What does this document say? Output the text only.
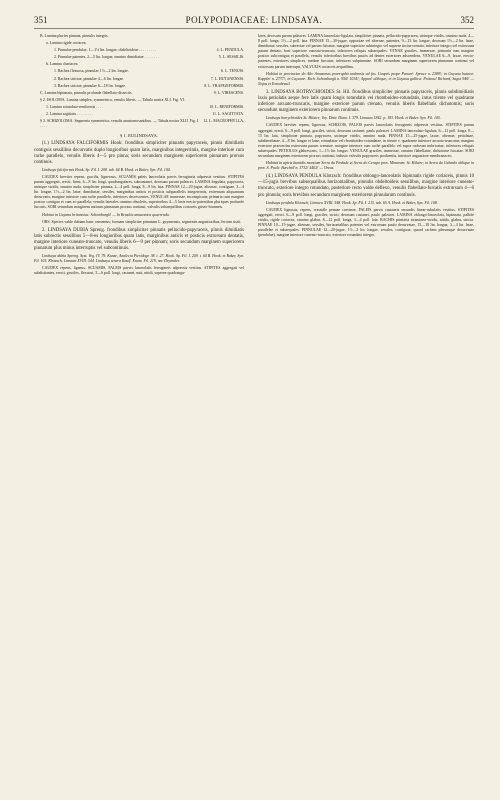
351	POLYPODIACEAE: LINDSAYA.	352

B. Lamina pluries pinnata, pinnulis integris.

a. Lamina rigide coriacea.

1. Pinnulae pendulae, 1—1½ lin. longae, obdeltoideae . . . . . . . . .	4. L. PENDULA.

2. Pinnulae patentes, 2—5 lin. longae, omnino dimidiatae . . . . . . . .	5. L. SESSILIS.

b. Lamina chartacea.

1. Rachea flexuosa, pinnulae 1½—2 lin. longae.	6. L. TENUIS.

2. Rachea strictae, pinnulae 4—6 lin. longae.	7. L. HUTANENSIS.

3. Rachea strictae, pinnulae 6—18 lin. longae.	8. L. TRAPEZIFORMIS.

C. Lamina bipinnata, pinnulis profunde flabellato-dissectis.	9. L. VIRESCENS.

§ 2. ISOLOMA. Lamina simplex, symmetrica, venulis liberis. — Tabula nostra XLI. Fig. VI.

1. Lamina rotundato-reniformis . . . .	10. L. RENIFORMIS.

2. Lamina sagittata . . . . . . . . .	11. L. SAGITTATA.

§ 3. SCHIZOLOMA. Segmenta symmetrica, venulis anastomosantibus. — Tabula nostra XLII. Fig. I. . . . .
12. L. MACROPHYLLA.

§ 1. EULINDSAYA.

(1.) LINDSAYA FALCIFORMIS Hook: frondibus simpliciter pinnatis papyraceis, pinnis dimidiatis contiguis sessilibus decurvatis duplo longioribus quam latis, marginibus integerrimis, margine interiore cum rache parallelo, venulis liberis 4—5 pro pinna; soris secundum marginem superiorem pinnarum prorsus continuis.

Lindsaya falciformis Hook. Sp. Fil. I. 208. tab. 64 B. Hook. et Baker, Syn. Fil. 104.

CAUDEX breviter repens, gracilis, ligneosus, SCUAMIS paleis lanceolatis parvis ferrugineis adpressis vestitus. STIPITES parum aggregati, erecti, firmi, 6—8 lin. longi, quadrangulares, subcastanei, deorsum parum paleacei. LAMINA lingulata, papyracea, utrinque viridis, omnino nuda, simpliciter pinnata, 2—4 poll. longa, 8—9 lin. lata. PINNAE 12—20-jugae, alternae, contiguae, 3—4 lin. longae, 1½—2 lin. latae, dimidiatae, sessiles, marginibus anticis et posticis subparallelis integerrimis, extremum aliquantum decurvatis, margine interiore cum rache parallelo, inferiores decrescentes. VENULAE immersae, inconspicuae, primaria cum margine postico contigua et cum eo parallela; venulis laterales omnino obsoletis, superioribus 4—5 laxis erecto-patentibus pluriques profunde furcatis. SORI secundum marginem anticum pinnarum prorsus continui, valvulis subaequilibus coriaceis griseo-brunneis.

Habitat in Guyana britannica: Schomburgk! — In Brasilia amazonica quaerenda.

OBS. Species valde dubiam hanc censemus; formam simpliciter pinnatam L. guyanensis, segmentis angustioribus, ferrum sistit.

2. LINDSAYA DUBIA Spreng. frondibus simpliciter pinnatis pellucido-papyraceis, pinnis dimidiatis latis subrectis sessilibus 5—8-es longioribus quam latis, marginibus anticis et posticis extrorsum dentatis, margine interiore cuneato-truncato, venulis liberis 6—9 per pinnam; soris secundum marginem superiorem pinnarum plus minus interruptis vel subcontinuis.

Lindsaya dubia Spreng. Syst. Veg. IV. 79. Kunze, Analecta Pteridogr. 38. t. 27. Hook. Sp. Fil. I. 209. t. 64 B. Hook. et Baker, Syn. Fil. 105. Klotzsch, Linnaea XVIII. 544. Lindsaya tenera Kaulf. Enum. Fil. 219, nec Dryander.

CAUDEX repens, ligneus, SCUAMIS, PALEIS parvis lanceolatis ferrugineis adpressis vestitus. STIPITES aggregati vel subdistiantes, erecti, graciles, flexuosi, 3—6 poll. longi, castanei, nuti, nitidi, superne quadrangu-

lares, deorsum parum paleacei. LAMINA lanceolato-ligulata, simpliciter pinnata, pellucido-papyracea, utrinque viridis, omnino nuda, 4—8 poll. longa, 1½—2 poll. lata. PINNAE 15—30-jugae, oppositae vel alternae, patentes, 9—15 lin. longae, deorsum 1½—2 lin. latae, dimidiatae, sessiles, subrectae vel parum falcatae, margine superiore subintegro vel superne incise-crenato, inferiore integro vel extrorsum parum dentato, basi superiore cuneato-truncata, inferiores reliquis subaequales. VENAE graciles, immersae, primaria cum margine postico subcontigua et parallela, venulis inferioribus brevibus paucis ad dentes exteriores adscendens. VENULAE 6—9, laxae, erecto-patentes, exteriores simplices, medine furcatae, inferiores subpinnatae. SORI secundum marginem superiorem pinnarum continui vel extrorsum parum interrupti, VALVULIS coriaceis aequalibus.

Habitat in provinciae do Alto Amazonas praerupbit umbrosis ad fos. Uaupés prope Panuré: Spruce n. 2389!; in Guyana batava: Kappler n. 2737!; in Cayenne: Rich. Schomburgk n. 956! 1034!; Appun! alibique; et in Guyana gallica: Poiteau! Richard, Sagot 940! — Nojas et Extrabrasil.

3. LINDSAYA BOTRYCHIOIDES St. Hil. frondibus simpliciter pinnatis papyraceis, pinnis subdimidiatis laxis petiolatis aeque fere latis quam longis rotundatis vel rhomboideo-rotundatis, intus triente vel quadrante inferiore arcuato-truncatis, margine exteriore parum crenato, venulis liberis flabellatis dichotomis; soris secundum marginem exteriorem pinnarum continuis.

Lindsaya botrychioides St. Hilaire, Voy. Distr. Diam. I. 379. Linnaea 1842. p. 183. Hook. et Baker. Syn. Fil. 105.

CAUDEX breviter repens, ligneous, SCHIZOIS, PALEIS parvis lanceolatis ferrugineis adpressis vestitus. STIPITES parum aggregati, erecti, 6—9 poll. longi, graciles, stricti, deorsum castanei, paulo paleacei. LAMINA lanceolato-ligulata, 6—12 poll. longa, 8—15 lin. lata, simpliciter pinnata, papyracea, utrinque viridis, omnino nuda. PINNAE 15—25-jugae, laxae, alternae, petiolatae, subdimidiatae, 4—8 lin. longae et latae, rotundatae vel rhomboideo-rotundatae, in triente v. quadrante inferiore arcuato-truncatae, margine exteriore praecertim extrorsum parum crenatae, margine interiore cum rache parallelo vel supra racheam imbricatae, inferiores reliquis subaequales. PETIOLUS glabrescens, 1—1½ lin. longus. VENULAE graciles, immersae, omnino flabellatae, dichotome furcatae. SORI secundum marginem exteriorem prorsus continui, indusio valvulis papyraceis produentis, interiore anguatiore membranaceo.

Habitat in apicis humidis montium Serra da Piedade et Serra do Cerapo prov. Minarum: St. Hilaire; in Serra da Cubatão oblique in prov. S. Pauli: Burchell n. 3732! 4402! — Oreas.

(4.) LINDSAYA PENDULA Klotzsch: frondibus oblongo-lanceolatis bipinnatis rigide coriaceis, pinnis 10—15-jugis brevibus subsequalibus horizontalibus, pinnulis obdeltoideis sessilibus, margine interiore cuneato-truncato, exteriore integro rotundato, posteriore recto valde deflexo, venulis flabellato-furcatis extrorsum 4—6 pro pinnula; soris brevibus secundum marginem exteriorem pinnularum continuis.

Lindsaya pendula Klotzsch, Linnaea XVIII. 548. Hook. Sp. Fil. I. 215. tab. 65 A. Hook. et Baker, Syn. Fil. 108.

CAUDEX lignosus, repens, crassiále penuae curvinae, PALEIS parvis castaneis secundis linear-subulatis vestitus. STIPITES aggregati, erecti, 6—9 poll. longi, graciles, stricti, deorsum castanei, paulo paleacei. LAMINA oblongo-lanceolata, bipinnata, pallide viridis, rigide coriacea, omnino glabra, 8—12 poll. longa, 3—4 poll. lata. RACHIS primaria straminea-viridis, nitida, glabra, stricta. PINNAE 10—15-jugae, alternae, sessiles, horizontalibus patentes vel extrorsum paulo decurvatae, 15—18 lin. longae, 3—4 lin. latae, parallelae et subaequales. PINNULAE 12—20-jugae, 1½—2 lin. longae, sessiles, contiguae, quoad rachem plerumque decurvatae (pendulae), margine interiore cuneato-truncato, exteriore rotundato integro,
